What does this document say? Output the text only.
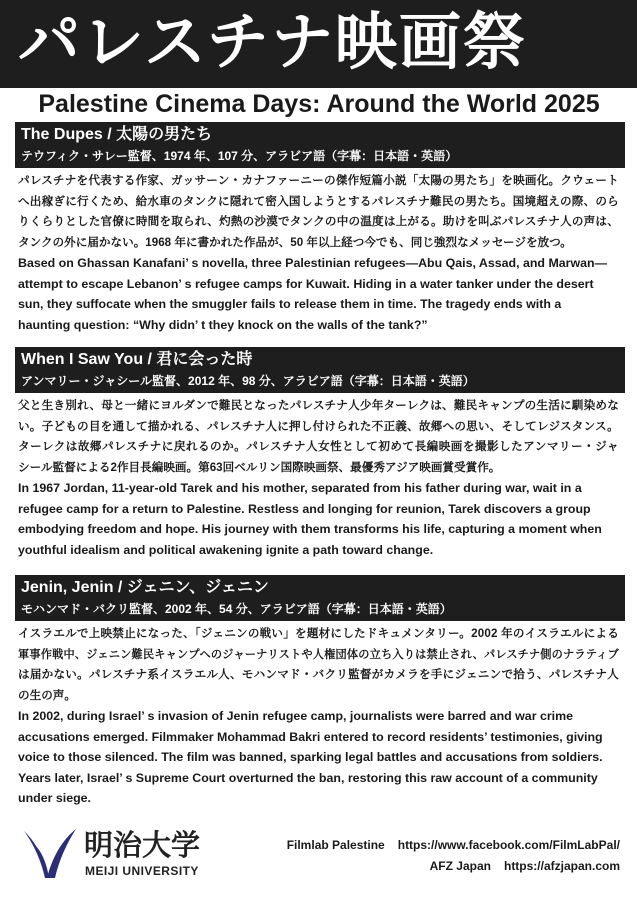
パレスチナ映画祭
Palestine Cinema Days: Around the World 2025
The Dupes / 太陽の男たち
テウフィク・サレー監督、1974 年、107 分、アラビア語（字幕：日本語・英語）
パレスチナを代表する作家、ガッサーン・カナファーニーの傑作短篇小説「太陽の男たち」を映画化。クウェート
へ出稼ぎに行くため、給水車のタンクに隠れて密入国しようとするパレスチナ難民の男たち。国境超えの際、のら
りくらりとした官僚に時間を取られ、灼熱の沙漠でタンクの中の温度は上がる。助けを叫ぶパレスチナ人の声は、
タンクの外に届かない。1968 年に書かれた作品が、50 年以上経つ今でも、同じ強烈なメッセージを放つ。
Based on Ghassan Kanafani’ s novella, three Palestinian refugees—Abu Qais, Assad, and Marwan—
attempt to escape Lebanon’ s refugee camps for Kuwait. Hiding in a water tanker under the desert
sun, they suffocate when the smuggler fails to release them in time. The tragedy ends with a
haunting question: “Why didn’ t they knock on the walls of the tank?”
When I Saw You / 君に会った時
アンマリー・ジャシール監督、2012 年、98 分、アラビア語（字幕：日本語・英語）
父と生き別れ、母と一緒にヨルダンで難民となったパレスチナ人少年ターレクは、難民キャンプの生活に馴染めな
い。子どもの目を通して描かれる、パレスチナ人に押し付けられた不正義、故郷への思い、そしてレジスタンス。
ターレクは故郷パレスチナに戻れるのか。パレスチナ人女性として初めて長編映画を撮影したアンマリー・ジャ
シール監督による2作目長編映画。第63回ベルリン国際映画祭、最優秀アジア映画賞受賞作。
In 1967 Jordan, 11-year-old Tarek and his mother, separated from his father during war, wait in a
refugee camp for a return to Palestine. Restless and longing for reunion, Tarek discovers a group
embodying freedom and hope. His journey with them transforms his life, capturing a moment when
youthful idealism and political awakening ignite a path toward change.
Jenin, Jenin / ジェニン、ジェニン
モハンマド・バクリ監督、2002 年、54 分、アラビア語（字幕：日本語・英語）
イスラエルで上映禁止になった、「ジェニンの戦い」を題材にしたドキュメンタリー。2002 年のイスラエルによる
軍事作戦中、ジェニン難民キャンプへのジャーナリストや人権団体の立ち入りは禁止され、パレスチナ側のナラティブ
は届かない。パレスチナ系イスラエル人、モハンマド・バクリ監督がカメラを手にジェニンで拾う、パレスチナ人
の生の声。
In 2002, during Israel’ s invasion of Jenin refugee camp, journalists were barred and war crime
accusations emerged. Filmmaker Mohammad Bakri entered to record residents’ testimonies, giving
voice to those silenced. The film was banned, sparking legal battles and accusations from soldiers.
Years later, Israel’ s Supreme Court overturned the ban, restoring this raw account of a community
under siege.
明治大学
MEIJI UNIVERSITY
Filmlab Palestine https://www.facebook.com/FilmLabPal/
AFZ Japan https://afzjapan.com
